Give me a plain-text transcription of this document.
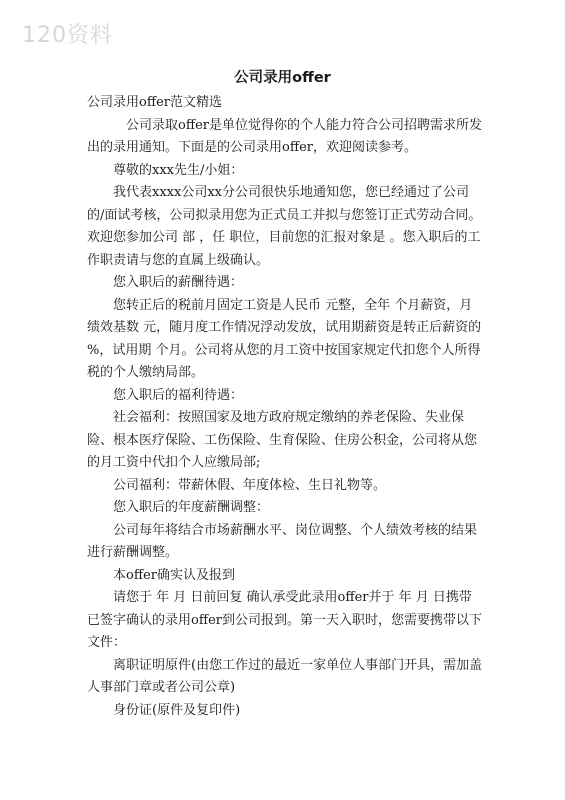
120资料
公司录用offer

公司录用offer范文精选

公司录取offer是单位觉得你的个人能力符合公司招聘需求所发出的录用通知。下面是的公司录用offer，欢迎阅读参考。

尊敬的xxx先生/小姐：

我代表xxxx公司xx分公司很快乐地通知您，您已经通过了公司的/面试考核，公司拟录用您为正式员工并拟与您签订正式劳动合同。欢迎您参加公司 部 ，任 职位，目前您的汇报对象是 。您入职后的工作职责请与您的直属上级确认。

您入职后的薪酬待遇：

您转正后的税前月固定工资是人民币 元整，全年 个月薪资，月绩效基数 元，随月度工作情况浮动发放，试用期薪资是转正后薪资的 %，试用期 个月。公司将从您的月工资中按国家规定代扣您个人所得税的个人缴纳局部。

您入职后的福利待遇：

社会福利：按照国家及地方政府规定缴纳的养老保险、失业保险、根本医疗保险、工伤保险、生育保险、住房公积金，公司将从您的月工资中代扣个人应缴局部;

公司福利：带薪休假、年度体检、生日礼物等。

您入职后的年度薪酬调整：

公司每年将结合市场薪酬水平、岗位调整、个人绩效考核的结果进行薪酬调整。

本offer确实认及报到

请您于 年 月 日前回复 确认承受此录用offer并于 年 月 日携带已签字确认的录用offer到公司报到。第一天入职时，您需要携带以下文件：

离职证明原件(由您工作过的最近一家单位人事部门开具，需加盖人事部门章或者公司公章)

身份证(原件及复印件)
